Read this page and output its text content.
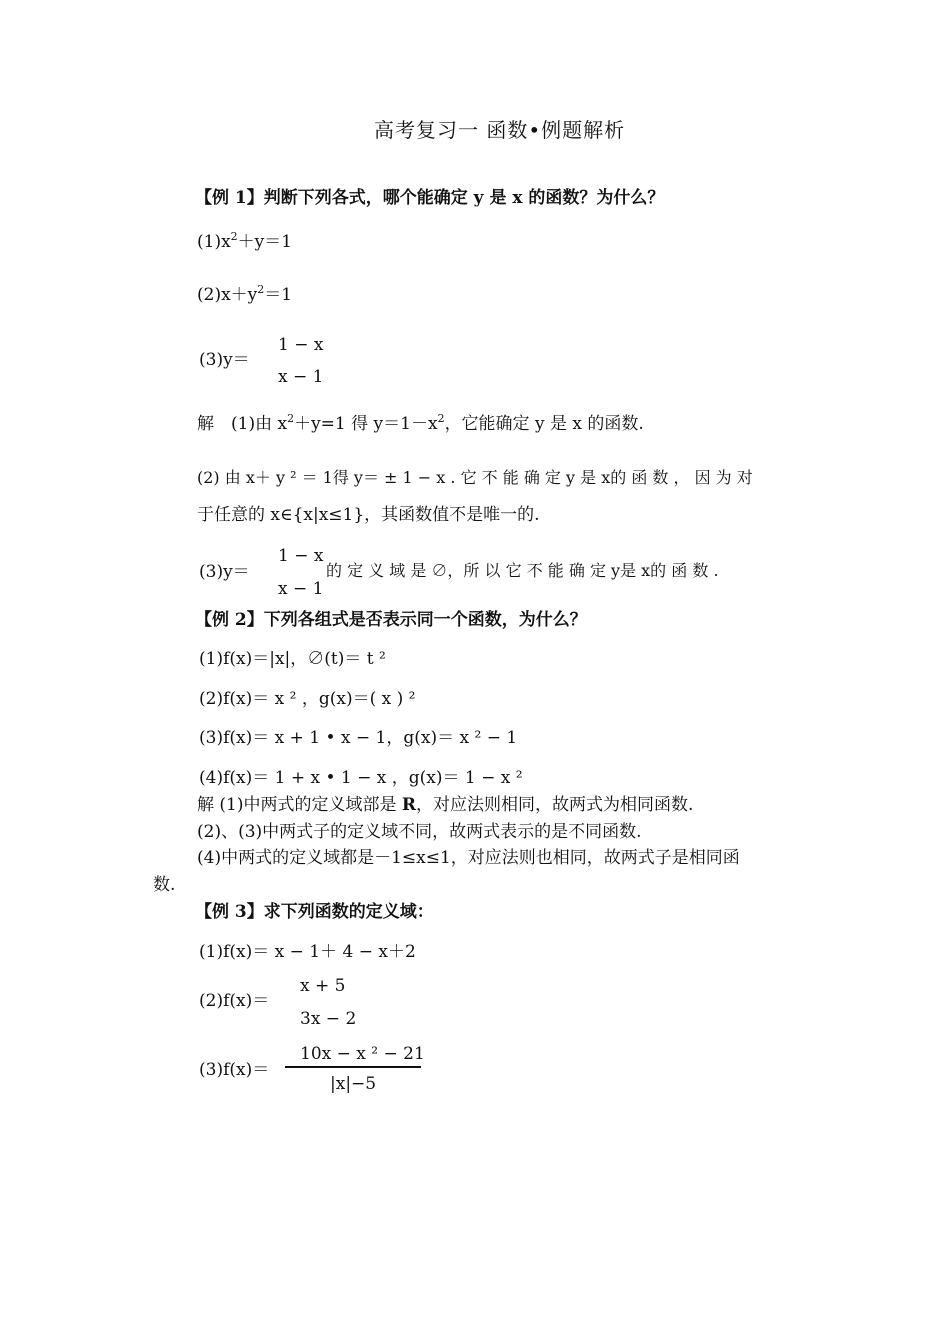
高考复习一 函数•例题解析
【例 1】判断下列各式，哪个能确定 y 是 x 的函数？为什么？
$(1)x^2+y=1$
$(2)x+y^2=1$
(3)y＝
1 − x
x − 1
解　(1)由 $x^2+y=1$ 得 $y=1-x^2$，它能确定 y 是 x 的函数.
(2) 由 x＋ y ² ＝ 1得 y＝ ± 1 − x . 它 不 能 确 定 y 是 x的 函 数 ， 因 为 对
于任意的 x∈{x|x≤1}，其函数值不是唯一的.
(3)y＝
1 − x
x − 1
的 定 义 域 是 ∅，所 以 它 不 能 确 定 y是 x的 函 数 .
【例 2】下列各组式是否表示同一个函数，为什么？
(1)f(x)＝|x|，∅(t)＝ t ²
(2)f(x)＝ x ² ，g(x)＝( x ) ²
(3)f(x)＝ x + 1 • x − 1，g(x)＝ x ² − 1
(4)f(x)＝ 1 + x • 1 − x ，g(x)＝ 1 − x ²
解 (1)中两式的定义域部是 R，对应法则相同，故两式为相同函数.
(2)、(3)中两式子的定义域不同，故两式表示的是不同函数.
(4)中两式的定义域都是－1≤x≤1，对应法则也相同，故两式子是相同函
数.
【例 3】求下列函数的定义域：
(1)f(x)＝ x − 1＋ 4 − x＋2
(2)f(x)＝
x + 5
3x − 2
(3)f(x)＝
10x − x ² − 21
|x|−5
